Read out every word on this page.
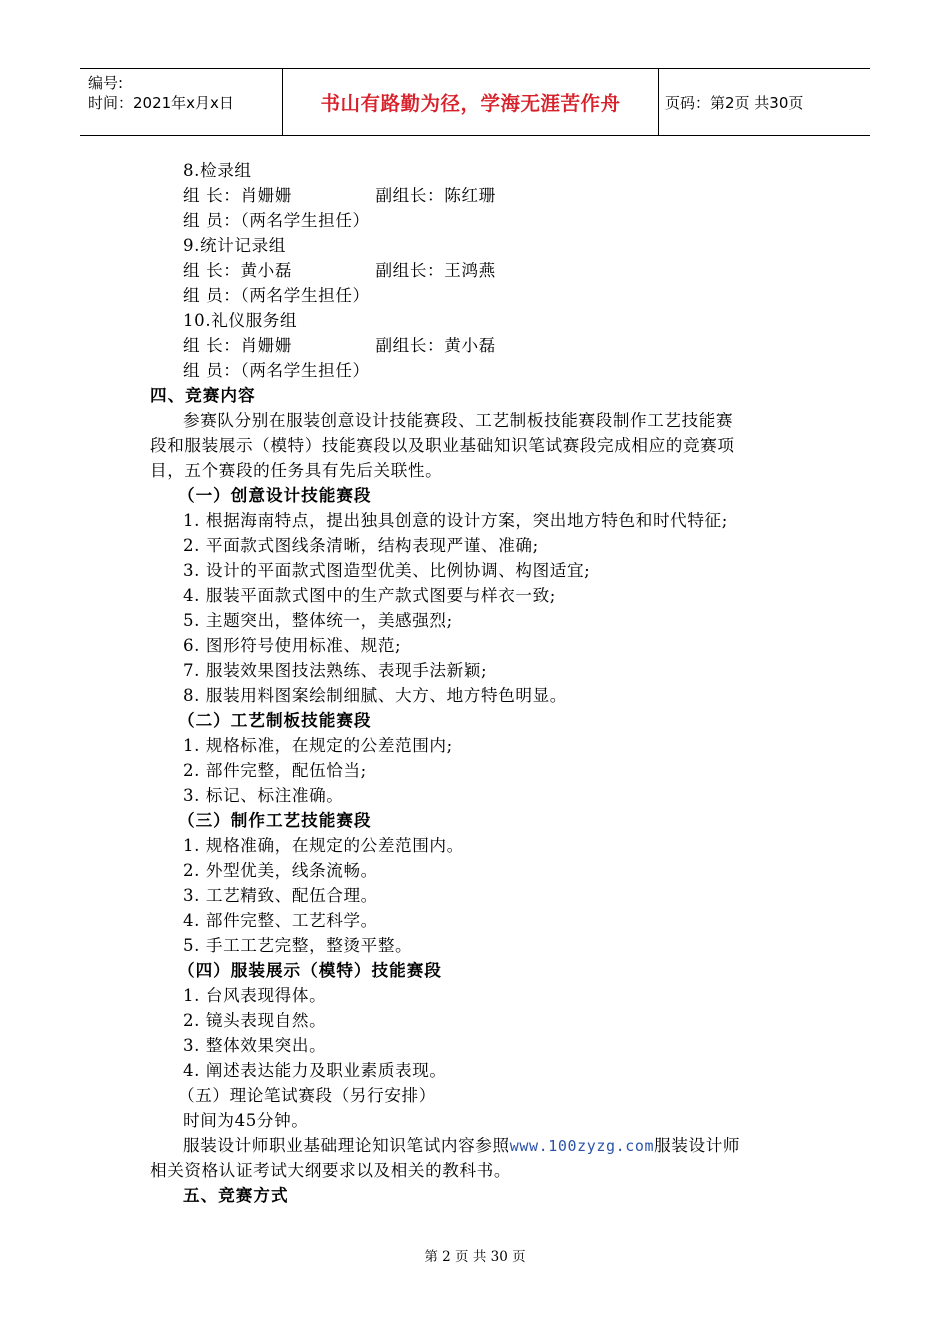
编号:
时间：2021年x月x日	书山有路勤为径，学海无涯苦作舟	页码：第2页 共30页
8.检录组
组 长：肖姗姗	副组长：陈红珊
组 员：（两名学生担任）
9.统计记录组
组 长：黄小磊	副组长：王鸿燕
组 员：（两名学生担任）
10.礼仪服务组
组 长：肖姗姗	副组长：黄小磊
组 员：（两名学生担任）
四、竞赛内容
参赛队分别在服装创意设计技能赛段、工艺制板技能赛段制作工艺技能赛
段和服装展示（模特）技能赛段以及职业基础知识笔试赛段完成相应的竞赛项
目，五个赛段的任务具有先后关联性。
（一）创意设计技能赛段
1. 根据海南特点，提出独具创意的设计方案，突出地方特色和时代特征;
2. 平面款式图线条清晰，结构表现严谨、准确;
3. 设计的平面款式图造型优美、比例协调、构图适宜;
4. 服装平面款式图中的生产款式图要与样衣一致;
5. 主题突出，整体统一，美感强烈;
6. 图形符号使用标准、规范;
7. 服装效果图技法熟练、表现手法新颖;
8. 服装用料图案绘制细腻、大方、地方特色明显。
（二）工艺制板技能赛段
1. 规格标准，在规定的公差范围内;
2. 部件完整，配伍恰当;
3. 标记、标注准确。
（三）制作工艺技能赛段
1. 规格准确，在规定的公差范围内。
2. 外型优美，线条流畅。
3. 工艺精致、配伍合理。
4. 部件完整、工艺科学。
5. 手工工艺完整，整烫平整。
（四）服装展示（模特）技能赛段
1. 台风表现得体。
2. 镜头表现自然。
3. 整体效果突出。
4. 阐述表达能力及职业素质表现。
（五）理论笔试赛段（另行安排）
时间为45分钟。
服装设计师职业基础理论知识笔试内容参照www.100zyzg.com服装设计师
相关资格认证考试大纲要求以及相关的教科书。
五、竞赛方式
第 2 页 共 30 页
